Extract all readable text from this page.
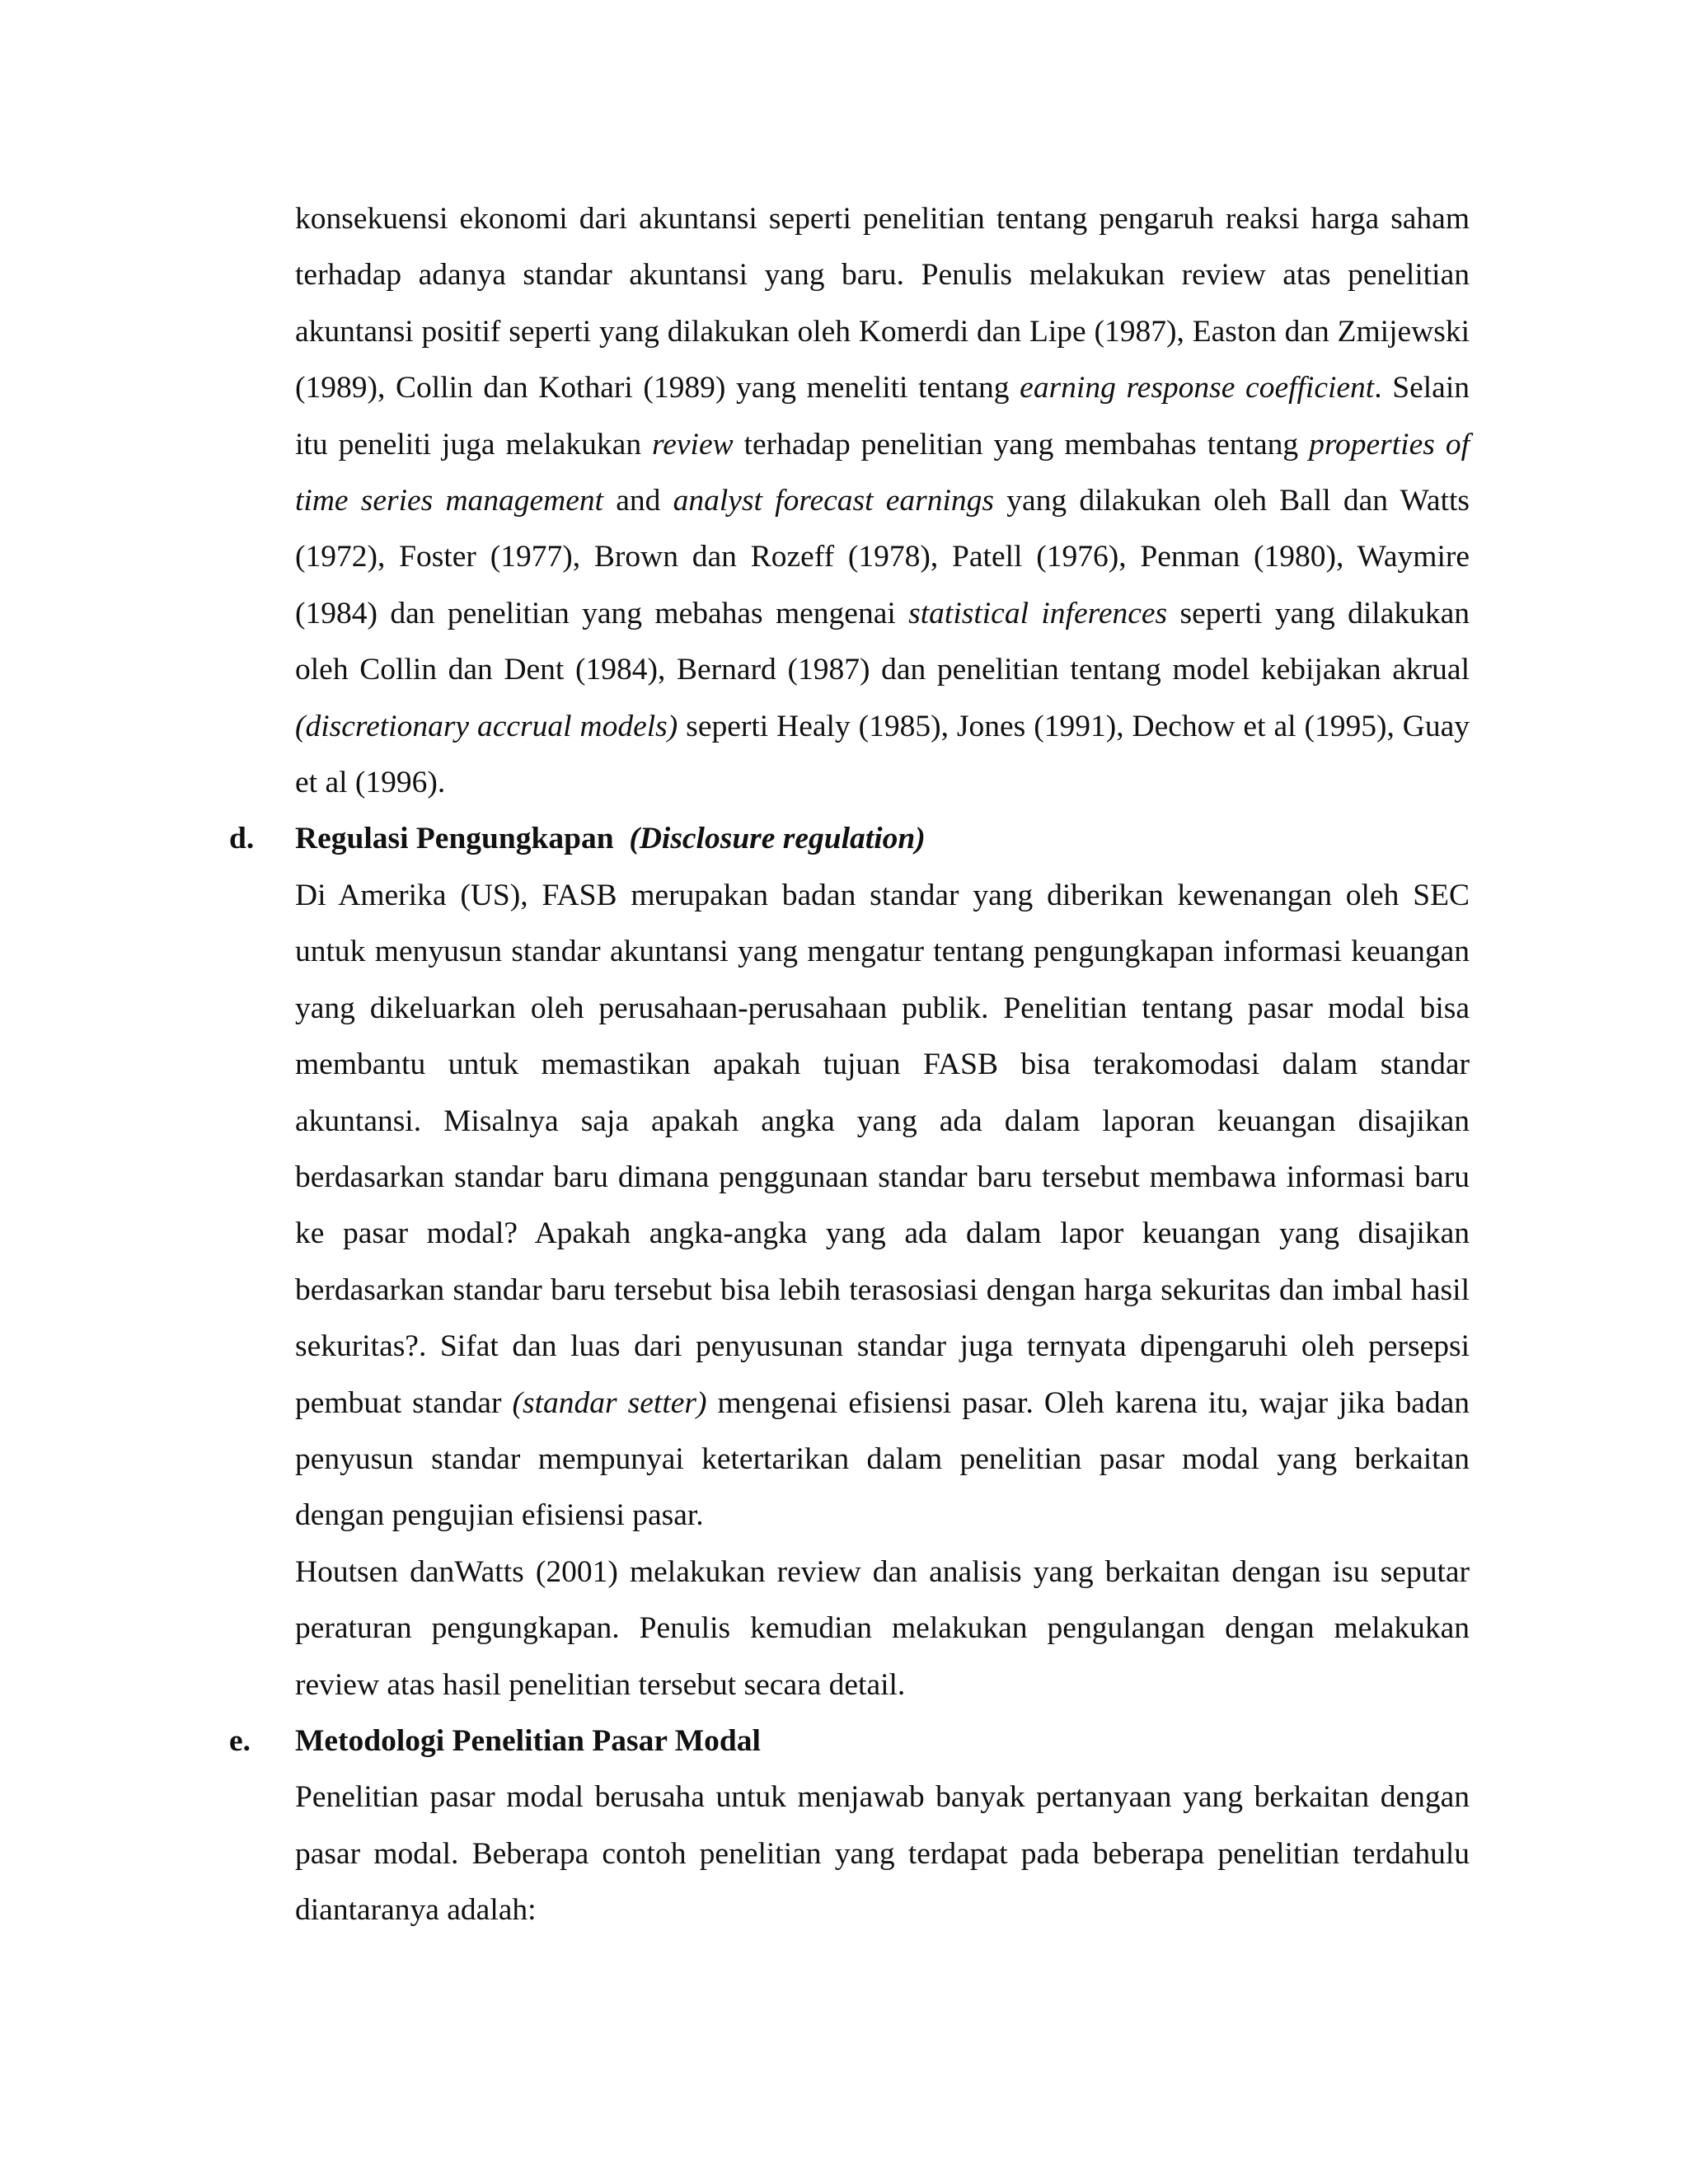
konsekuensi ekonomi dari akuntansi seperti penelitian tentang pengaruh reaksi harga saham terhadap adanya standar akuntansi yang baru. Penulis melakukan review atas penelitian akuntansi positif seperti yang dilakukan oleh Komerdi dan Lipe (1987), Easton dan Zmijewski (1989), Collin dan Kothari (1989) yang meneliti tentang earning response coefficient. Selain itu peneliti juga melakukan review terhadap penelitian yang membahas tentang properties of time series management and analyst forecast earnings yang dilakukan oleh Ball dan Watts (1972), Foster (1977), Brown dan Rozeff (1978), Patell (1976), Penman (1980), Waymire (1984) dan penelitian yang mebahas mengenai statistical inferences seperti yang dilakukan oleh Collin dan Dent (1984), Bernard (1987) dan penelitian tentang model kebijakan akrual (discretionary accrual models) seperti Healy (1985), Jones (1991), Dechow et al (1995), Guay et al (1996).

d. Regulasi Pengungkapan (Disclosure regulation)

Di Amerika (US), FASB merupakan badan standar yang diberikan kewenangan oleh SEC untuk menyusun standar akuntansi yang mengatur tentang pengungkapan informasi keuangan yang dikeluarkan oleh perusahaan-perusahaan publik. Penelitian tentang pasar modal bisa membantu untuk memastikan apakah tujuan FASB bisa terakomodasi dalam standar akuntansi. Misalnya saja apakah angka yang ada dalam laporan keuangan disajikan berdasarkan standar baru dimana penggunaan standar baru tersebut membawa informasi baru ke pasar modal? Apakah angka-angka yang ada dalam lapor keuangan yang disajikan berdasarkan standar baru tersebut bisa lebih terasosiasi dengan harga sekuritas dan imbal hasil sekuritas?. Sifat dan luas dari penyusunan standar juga ternyata dipengaruhi oleh persepsi pembuat standar (standar setter) mengenai efisiensi pasar. Oleh karena itu, wajar jika badan penyusun standar mempunyai ketertarikan dalam penelitian pasar modal yang berkaitan dengan pengujian efisiensi pasar.

Houtsen danWatts (2001) melakukan review dan analisis yang berkaitan dengan isu seputar peraturan pengungkapan. Penulis kemudian melakukan pengulangan dengan melakukan review atas hasil penelitian tersebut secara detail.

e. Metodologi Penelitian Pasar Modal

Penelitian pasar modal berusaha untuk menjawab banyak pertanyaan yang berkaitan dengan pasar modal. Beberapa contoh penelitian yang terdapat pada beberapa penelitian terdahulu diantaranya adalah:
